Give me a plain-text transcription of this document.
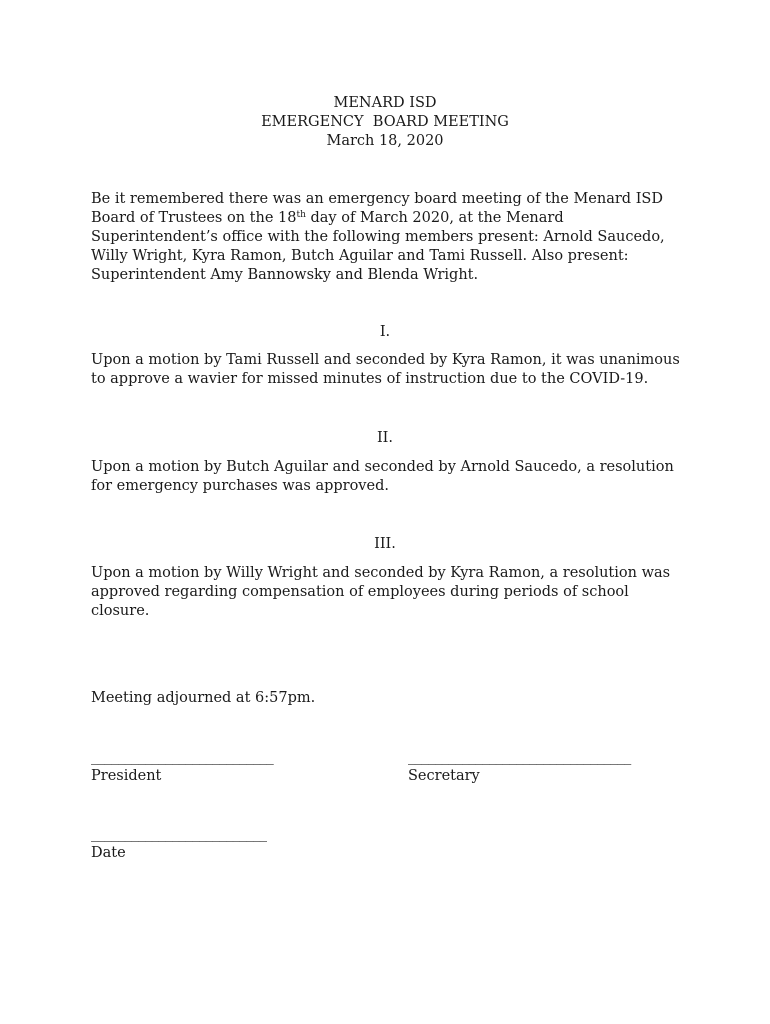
MENARD ISD
EMERGENCY  BOARD MEETING
March 18, 2020
Be it remembered there was an emergency board meeting of the Menard ISD Board of Trustees on the 18th day of March 2020, at the Menard Superintendent’s office with the following members present: Arnold Saucedo, Willy Wright, Kyra Ramon, Butch Aguilar and Tami Russell. Also present: Superintendent Amy Bannowsky and Blenda Wright.
I.
Upon a motion by Tami Russell and seconded by Kyra Ramon, it was unanimous to approve a wavier for missed minutes of instruction due to the COVID-19.
II.
Upon a motion by Butch Aguilar and seconded by Arnold Saucedo, a resolution for emergency purchases was approved.
III.
Upon a motion by Willy Wright and seconded by Kyra Ramon, a resolution was approved regarding compensation of employees during periods of school closure.
Meeting adjourned at 6:57pm.
___________________________
President
_________________________________
Secretary
__________________________
Date
